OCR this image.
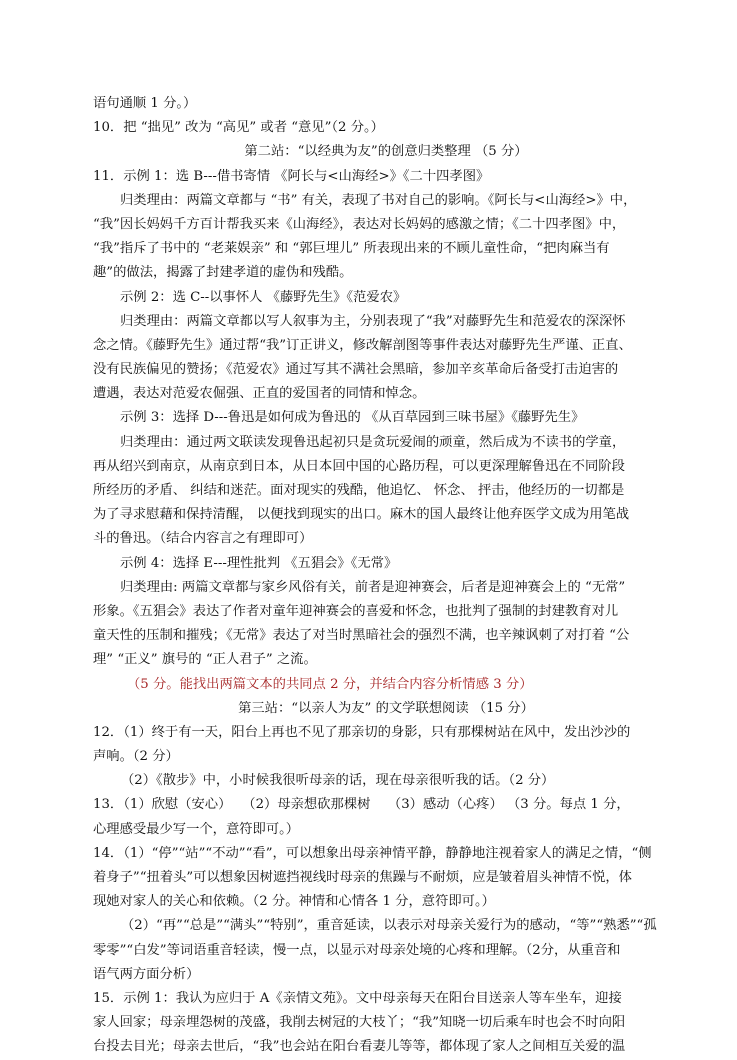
语句通顺 1 分。）
10．把 “拙见” 改为 “高见” 或者 “意见”（2 分。）
第二站：“以经典为友”的创意归类整理 （5 分）
11．示例 1：选 B---借书寄情 《阿长与<山海经>》《二十四孝图》
归类理由：两篇文章都与 “书” 有关，表现了书对自己的影响。《阿长与<山海经>》中，
“我”因长妈妈千方百计帮我买来《山海经》，表达对长妈妈的感激之情；《二十四孝图》中，
“我”指斥了书中的 “老莱娱亲” 和 “郭巨埋儿” 所表现出来的不顾儿童性命，“把肉麻当有
趣”的做法，揭露了封建孝道的虚伪和残酷。
示例 2：选 C--以事怀人 《藤野先生》《范爱农》
归类理由：两篇文章都以写人叙事为主，分别表现了“我”对藤野先生和范爱农的深深怀
念之情。《藤野先生》通过帮“我”订正讲义，修改解剖图等事件表达对藤野先生严谨、正直、
没有民族偏见的赞扬；《范爱农》通过写其不满社会黑暗，参加辛亥革命后备受打击迫害的
遭遇，表达对范爱农倔强、正直的爱国者的同情和悼念。
示例 3：选择 D---鲁迅是如何成为鲁迅的 《从百草园到三味书屋》《藤野先生》
归类理由：通过两文联读发现鲁迅起初只是贪玩爱闹的顽童，然后成为不读书的学童，
再从绍兴到南京，从南京到日本，从日本回中国的心路历程，可以更深理解鲁迅在不同阶段
所经历的矛盾、 纠结和迷茫。面对现实的残酷，他追忆、 怀念、 抨击，他经历的一切都是
为了寻求慰藉和保持清醒， 以便找到现实的出口。麻木的国人最终让他弃医学文成为用笔战
斗的鲁迅。（结合内容言之有理即可）
示例 4：选择 E---理性批判 《五猖会》《无常》
归类理由: 两篇文章都与家乡风俗有关，前者是迎神赛会，后者是迎神赛会上的 “无常”
形象。《五猖会》表达了作者对童年迎神赛会的喜爱和怀念，也批判了强制的封建教育对儿
童天性的压制和摧残；《无常》表达了对当时黑暗社会的强烈不满，也辛辣讽刺了对打着 “公
理” “正义” 旗号的 “正人君子” 之流。
（5 分。能找出两篇文本的共同点 2 分，并结合内容分析情感 3 分）
第三站：“以亲人为友” 的文学联想阅读 （15 分）
12．（1）终于有一天，阳台上再也不见了那亲切的身影，只有那棵树站在风中，发出沙沙的
声响。（2 分）
（2）《散步》中，小时候我很听母亲的话，现在母亲很听我的话。（2 分）
13．（1）欣慰（安心）　 （2）母亲想砍那棵树　 （3）感动（心疼） （3 分。每点 1 分，
心理感受最少写一个，意符即可。）
14．（1）“停”“站”“不动”“看”，可以想象出母亲神情平静，静静地注视着家人的满足之情，“侧
着身子”“扭着头”可以想象因树遮挡视线时母亲的焦躁与不耐烦，应是皱着眉头神情不悦，体
现她对家人的关心和依赖。（2 分。神情和心情各 1 分，意符即可。）
（2）“再”“总是”“满头”“特别”，重音延读，以表示对母亲关爱行为的感动，“等”“熟悉”“孤
零零”“白发”等词语重音轻读，慢一点，以显示对母亲处境的心疼和理解。（2分，从重音和
语气两方面分析）
15．示例 1：我认为应归于 A《亲情文苑》。文中母亲每天在阳台目送亲人等车坐车，迎接
家人回家；母亲埋怨树的茂盛，我削去树冠的大枝丫；“我”知晓一切后乘车时也会不时向阳
台投去目光；母亲去世后，“我”也会站在阳台看妻儿等等，都体现了家人之间相互关爱的温
